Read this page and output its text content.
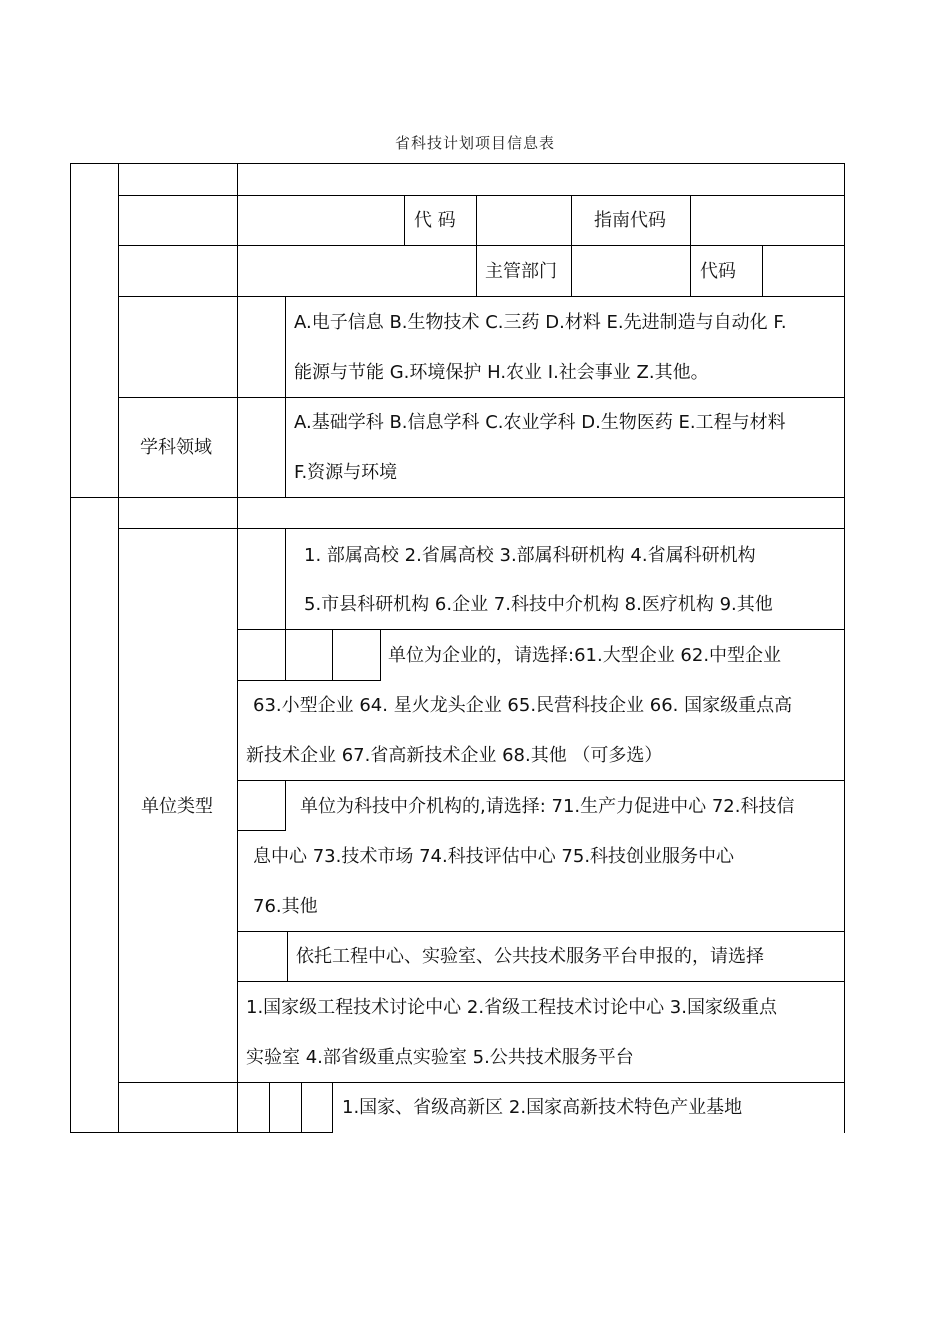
省科技计划项目信息表
代 码	指南代码
主管部门	代码
A.电子信息 B.生物技术 C.三药 D.材料 E.先进制造与自动化 F.
能源与节能 G.环境保护 H.农业 I.社会事业 Z.其他。
学科领域
A.基础学科 B.信息学科 C.农业学科 D.生物医药 E.工程与材料
F.资源与环境
单位类型
1. 部属高校 2.省属高校 3.部属科研机构 4.省属科研机构
5.市县科研机构 6.企业 7.科技中介机构 8.医疗机构 9.其他
单位为企业的，请选择:61.大型企业 62.中型企业
63.小型企业 64. 星火龙头企业 65.民营科技企业 66. 国家级重点高
新技术企业 67.省高新技术企业 68.其他 （可多选）
单位为科技中介机构的,请选择: 71.生产力促进中心 72.科技信
息中心 73.技术市场 74.科技评估中心 75.科技创业服务中心
76.其他
依托工程中心、实验室、公共技术服务平台申报的，请选择
1.国家级工程技术讨论中心 2.省级工程技术讨论中心 3.国家级重点
实验室 4.部省级重点实验室 5.公共技术服务平台
1.国家、省级高新区 2.国家高新技术特色产业基地
